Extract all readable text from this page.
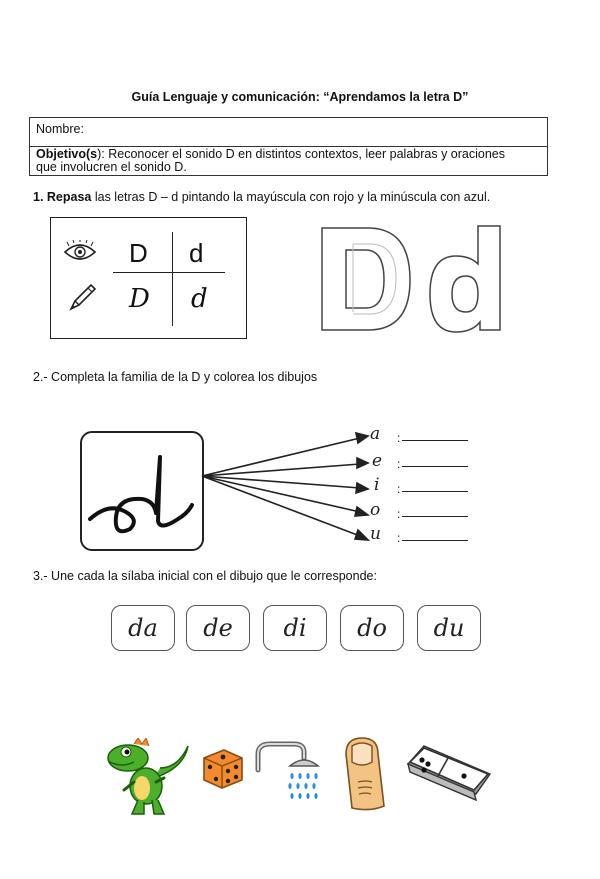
Guía Lenguaje y comunicación: “Aprendamos la letra D”
Nombre:
Objetivo(s): Reconocer el sonido D en distintos contextos, leer palabras y oraciones
que involucren el sonido D.
1. Repasa las letras D – d pintando la mayúscula con rojo y la minúscula con azul.
D d
D d
2.- Completa la familia de la D y colorea los dibujos
a
e
i
o
u
:
:
:
:
:
3.- Une cada la sílaba inicial con el dibujo que le corresponde:
da	de	di	do	du
